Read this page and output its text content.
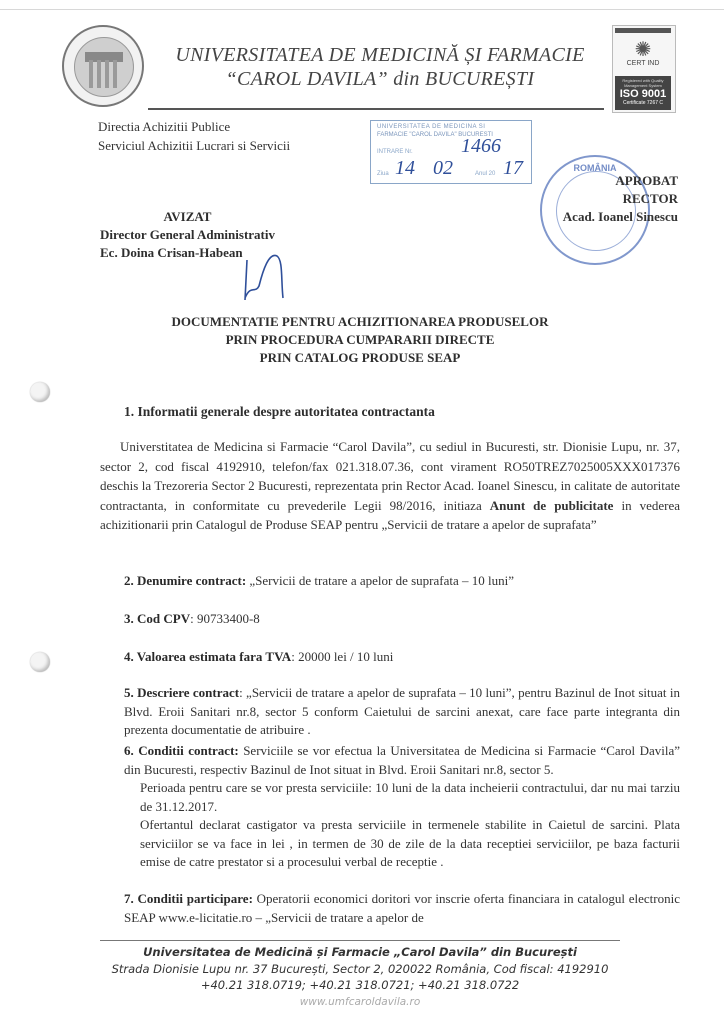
UNIVERSITATEA DE MEDICINĂ ȘI FARMACIE
“CAROL DAVILA” din BUCUREȘTI
✺
CERT IND
Registered with Quality Management System
ISO 9001
Certificate 7267 C
Directia Achizitii Publice
Serviciul Achizitii Lucrari si Servicii
UNIVERSITATEA DE MEDICINA SI
FARMACIE "CAROL DAVILA" BUCURESTI
INTRARE Nr. 1466
Ziua 14 02	Anul 20 17	ROMÂNIA
APROBAT
RECTOR
Acad. Ioanel Sinescu
AVIZAT
Director General Administrativ
Ec. Doina Crisan-Habean
DOCUMENTATIE PENTRU ACHIZITIONAREA PRODUSELOR
PRIN PROCEDURA CUMPARARII DIRECTE
PRIN CATALOG PRODUSE SEAP
1. Informatii generale despre autoritatea contractanta
Universtitatea de Medicina si Farmacie “Carol Davila”, cu sediul in Bucuresti, str. Dionisie Lupu, nr. 37, sector 2, cod fiscal 4192910, telefon/fax 021.318.07.36, cont virament RO50TREZ7025005XXX017376 deschis la Trezoreria Sector 2 Bucuresti, reprezentata prin Rector Acad. Ioanel Sinescu, in calitate de autoritate contractanta, in conformitate cu prevederile Legii 98/2016, initiaza Anunt de publicitate in vederea achizitionarii prin Catalogul de Produse SEAP pentru „Servicii de tratare a apelor de suprafata”
2. Denumire contract: „Servicii de tratare a apelor de suprafata – 10 luni”
3. Cod CPV: 90733400-8
4. Valoarea estimata fara TVA: 20000 lei / 10 luni
5. Descriere contract: „Servicii de tratare a apelor de suprafata – 10 luni”, pentru Bazinul de Inot situat in Blvd. Eroii Sanitari nr.8, sector 5 conform Caietului de sarcini anexat, care face parte integranta din prezenta documentatie de atribuire .
6. Conditii contract: Serviciile se vor efectua la Universitatea de Medicina si Farmacie “Carol Davila” din Bucuresti, respectiv Bazinul de Inot situat in Blvd. Eroii Sanitari nr.8, sector 5.
Perioada pentru care se vor presta serviciile: 10 luni de la data incheierii contractului, dar nu mai tarziu de 31.12.2017.
Ofertantul declarat castigator va presta serviciile in termenele stabilite in Caietul de sarcini. Plata serviciilor se va face in lei , in termen de 30 de zile de la data receptiei serviciilor, pe baza facturii emise de catre prestator si a procesului verbal de receptie .
7. Conditii participare: Operatorii economici doritori vor inscrie oferta financiara in catalogul electronic SEAP www.e-licitatie.ro – „Servicii de tratare a apelor de
Universitatea de Medicină și Farmacie „Carol Davila” din București
Strada Dionisie Lupu nr. 37 București, Sector 2, 020022 România, Cod fiscal: 4192910
+40.21 318.0719; +40.21 318.0721; +40.21 318.0722
www.umfcaroldavila.ro
